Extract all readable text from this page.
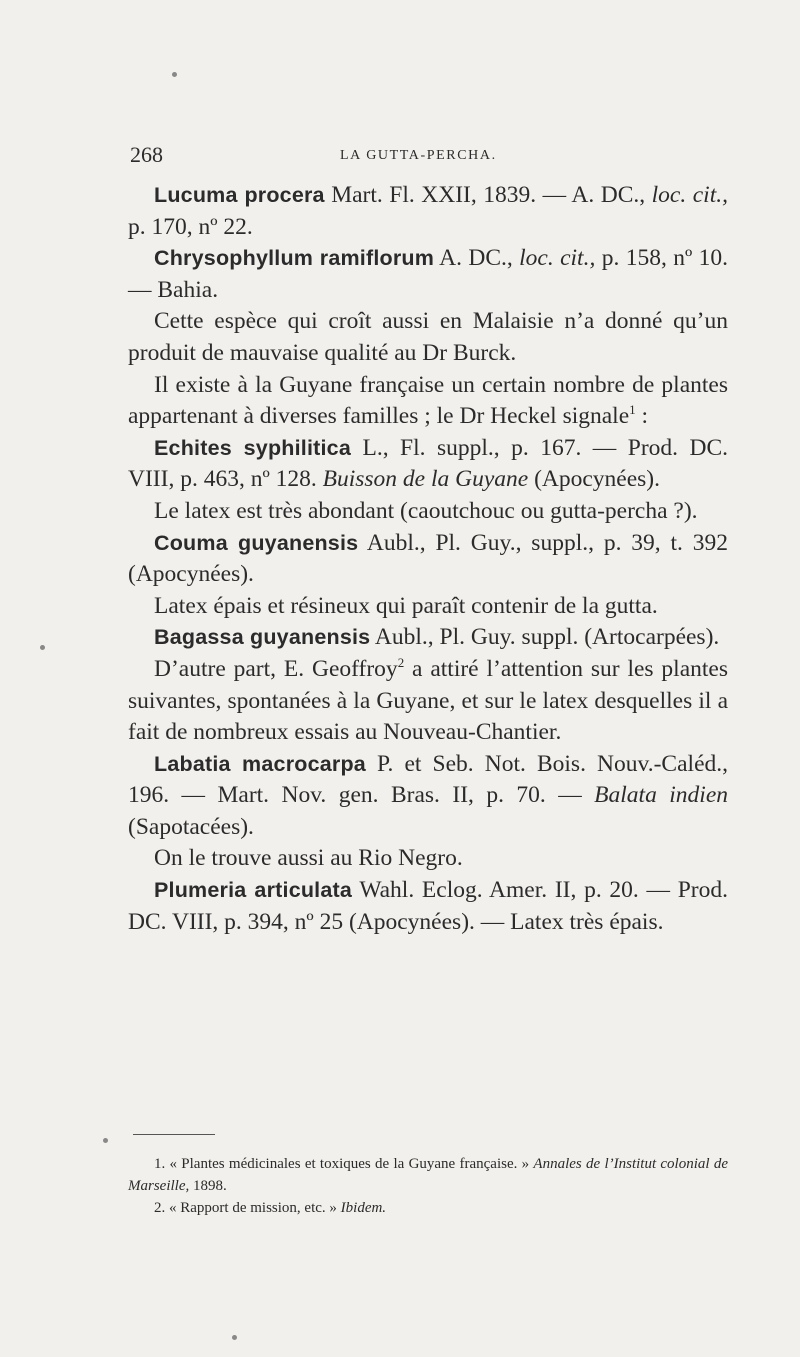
268	LA GUTTA-PERCHA.

Lucuma procera Mart. Fl. XXII, 1839. — A. DC., loc. cit., p. 170, nº 22.

Chrysophyllum ramiflorum A. DC., loc. cit., p. 158, nº 10. — Bahia.

Cette espèce qui croît aussi en Malaisie n’a donné qu’un produit de mauvaise qualité au Dr Burck.

Il existe à la Guyane française un certain nombre de plantes appartenant à diverses familles ; le Dr Heckel signale$^1$ :

Echites syphilitica L., Fl. suppl., p. 167. — Prod. DC. VIII, p. 463, nº 128. Buisson de la Guyane (Apocynées).

Le latex est très abondant (caoutchouc ou gutta-percha ?).

Couma guyanensis Aubl., Pl. Guy., suppl., p. 39, t. 392 (Apocynées).

Latex épais et résineux qui paraît contenir de la gutta.

Bagassa guyanensis Aubl., Pl. Guy. suppl. (Artocarpées).

D’autre part, E. Geoffroy$^2$ a attiré l’attention sur les plantes suivantes, spontanées à la Guyane, et sur le latex desquelles il a fait de nombreux essais au Nouveau-Chantier.

Labatia macrocarpa P. et Seb. Not. Bois. Nouv.-Caléd., 196. — Mart. Nov. gen. Bras. II, p. 70. — Balata indien (Sapotacées).

On le trouve aussi au Rio Negro.

Plumeria articulata Wahl. Eclog. Amer. II, p. 20. — Prod. DC. VIII, p. 394, nº 25 (Apocynées). — Latex très épais.

1. « Plantes médicinales et toxiques de la Guyane française. » Annales de l’Institut colonial de Marseille, 1898.

2. « Rapport de mission, etc. » Ibidem.
